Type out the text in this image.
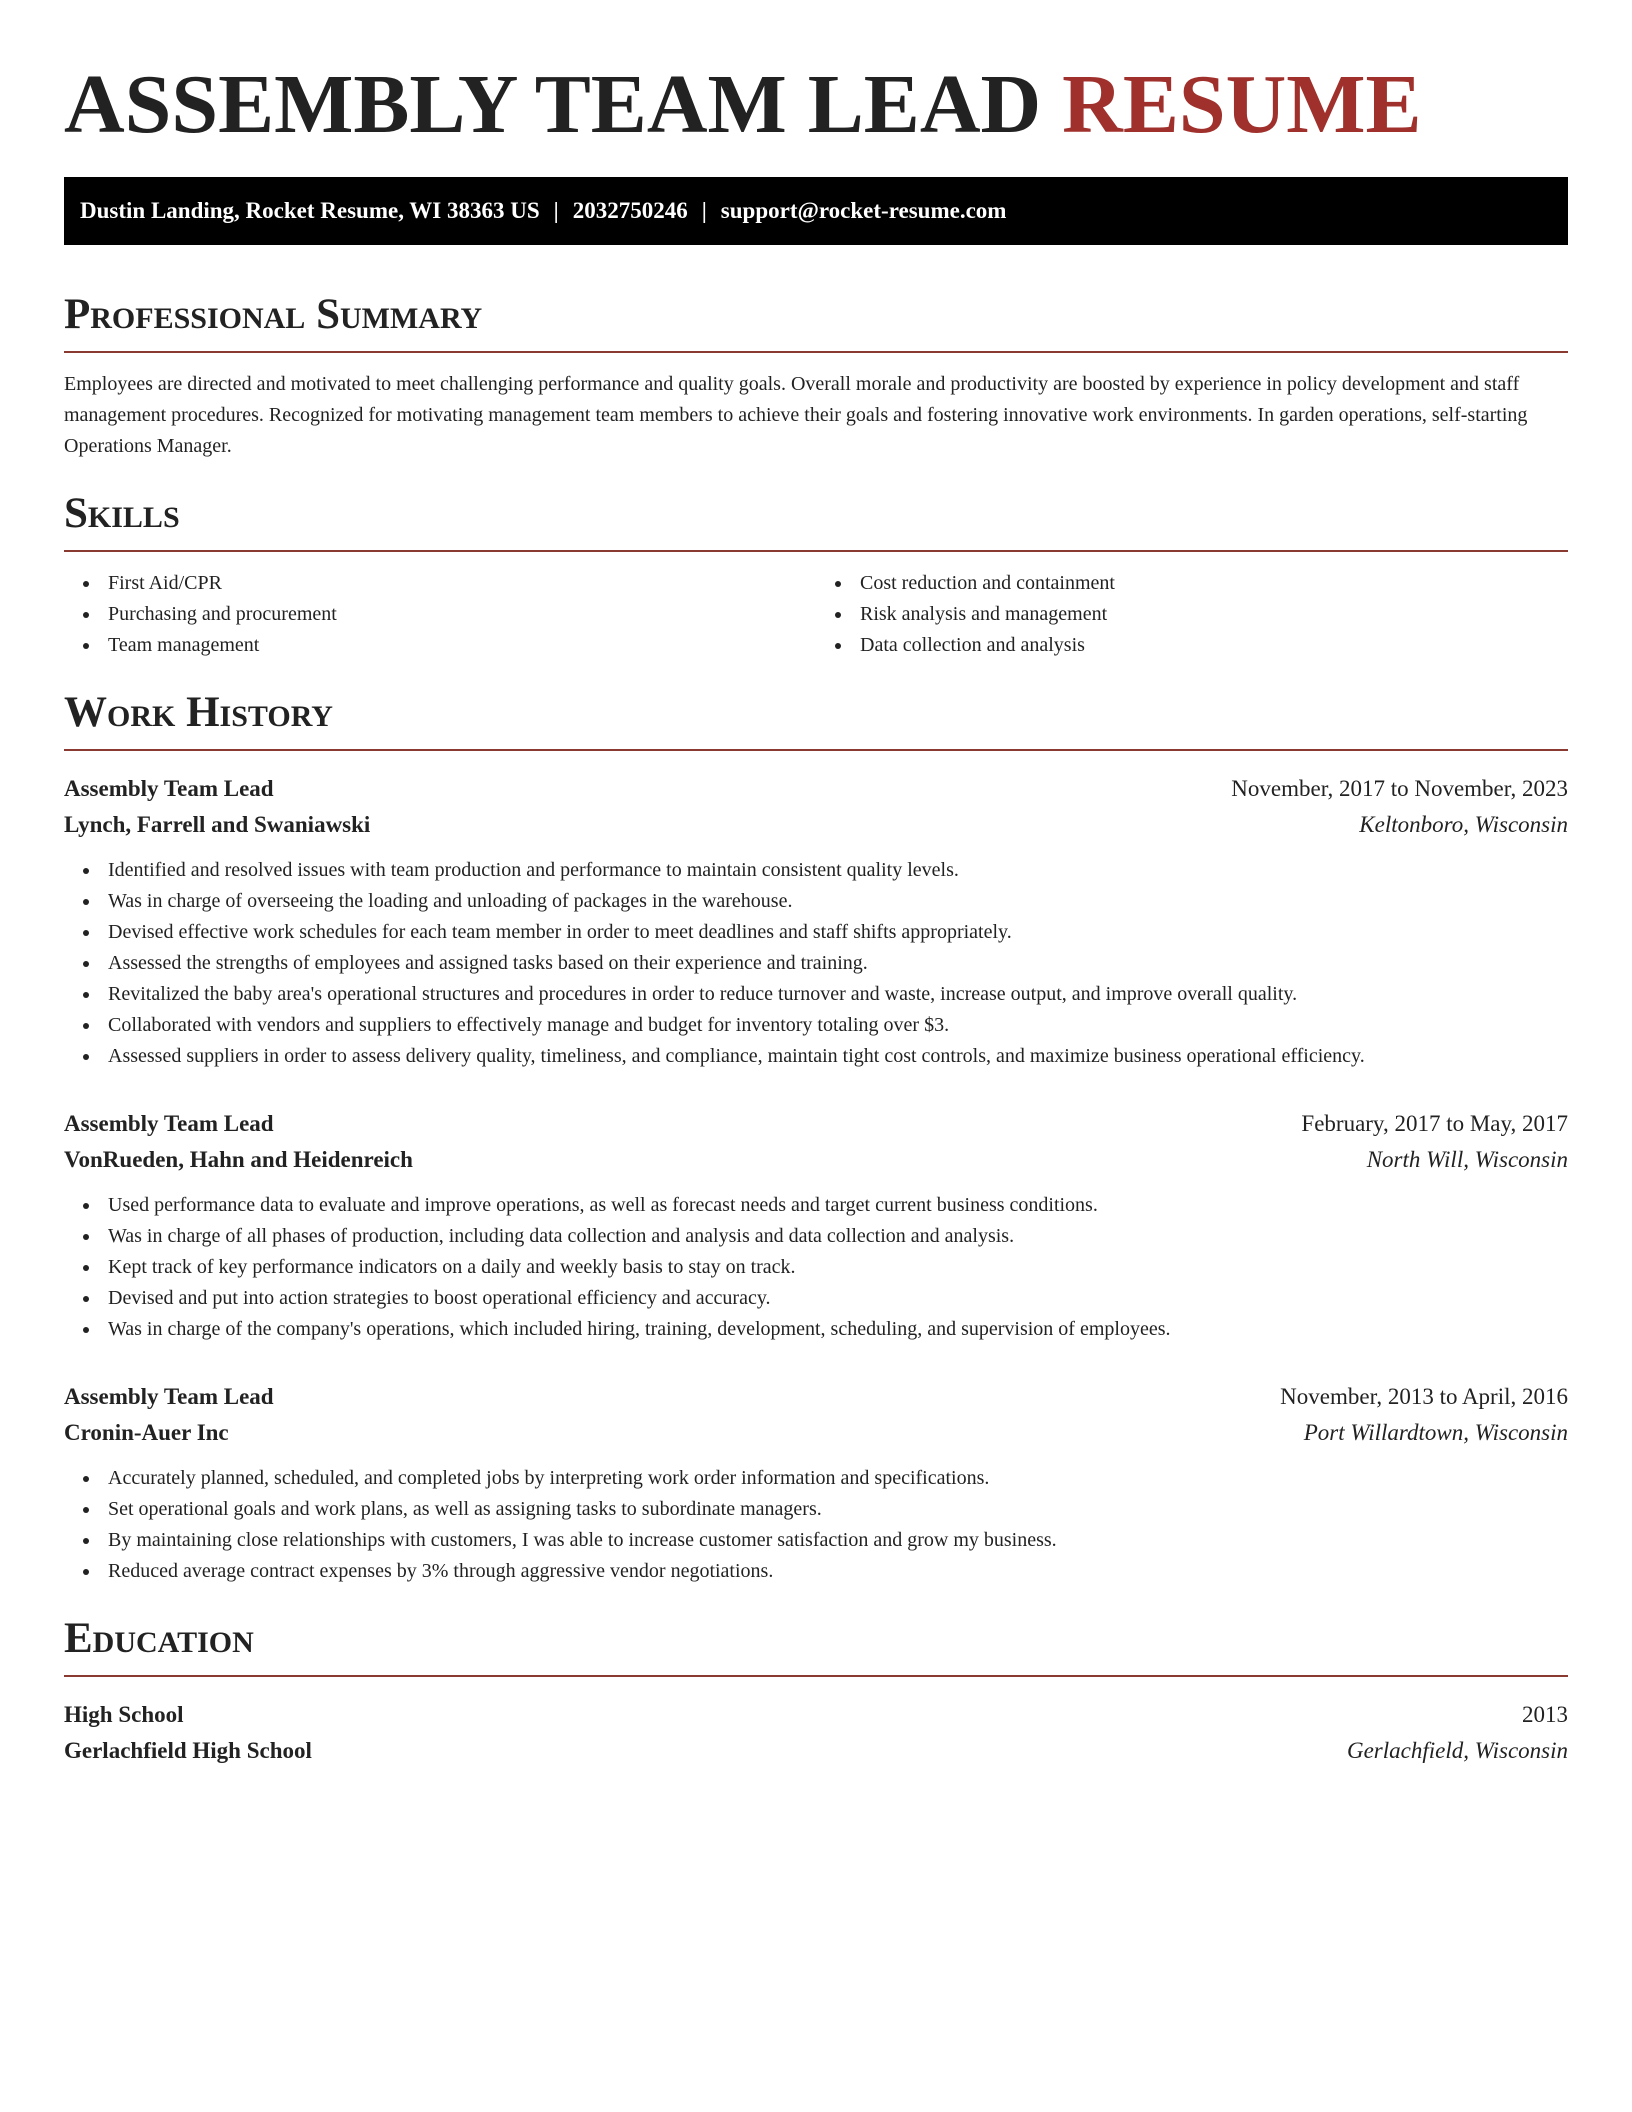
ASSEMBLY TEAM LEAD RESUME
Dustin Landing, Rocket Resume, WI 38363 US | 2032750246 | support@rocket-resume.com
Professional Summary

Employees are directed and motivated to meet challenging performance and quality goals. Overall morale and productivity are boosted by experience in policy development and staff management procedures. Recognized for motivating management team members to achieve their goals and fostering innovative work environments. In garden operations, self-starting Operations Manager.

Skills
First Aid/CPR
Purchasing and procurement
Team management
Cost reduction and containment
Risk analysis and management
Data collection and analysis
Work History
Assembly Team Lead	November, 2017 to November, 2023
Lynch, Farrell and Swaniawski	Keltonboro, Wisconsin
Identified and resolved issues with team production and performance to maintain consistent quality levels.
Was in charge of overseeing the loading and unloading of packages in the warehouse.
Devised effective work schedules for each team member in order to meet deadlines and staff shifts appropriately.
Assessed the strengths of employees and assigned tasks based on their experience and training.
Revitalized the baby area's operational structures and procedures in order to reduce turnover and waste, increase output, and improve overall quality.
Collaborated with vendors and suppliers to effectively manage and budget for inventory totaling over $3.
Assessed suppliers in order to assess delivery quality, timeliness, and compliance, maintain tight cost controls, and maximize business operational efficiency.
Assembly Team Lead	February, 2017 to May, 2017
VonRueden, Hahn and Heidenreich	North Will, Wisconsin
Used performance data to evaluate and improve operations, as well as forecast needs and target current business conditions.
Was in charge of all phases of production, including data collection and analysis and data collection and analysis.
Kept track of key performance indicators on a daily and weekly basis to stay on track.
Devised and put into action strategies to boost operational efficiency and accuracy.
Was in charge of the company's operations, which included hiring, training, development, scheduling, and supervision of employees.
Assembly Team Lead	November, 2013 to April, 2016
Cronin-Auer Inc	Port Willardtown, Wisconsin
Accurately planned, scheduled, and completed jobs by interpreting work order information and specifications.
Set operational goals and work plans, as well as assigning tasks to subordinate managers.
By maintaining close relationships with customers, I was able to increase customer satisfaction and grow my business.
Reduced average contract expenses by 3% through aggressive vendor negotiations.
Education
High School	2013
Gerlachfield High School	Gerlachfield, Wisconsin
